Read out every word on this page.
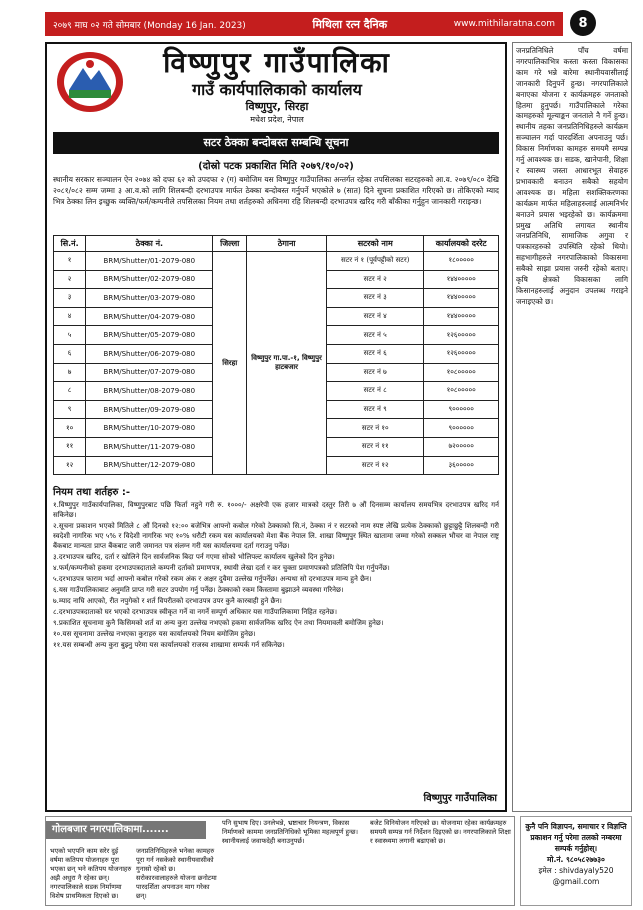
२०७९ माघ ०२ गते सोमबार (Monday 16 Jan. 2023)	मिथिला रत्न दैनिक	www.mithilaratna.com	8
विष्णुपुर गाउँपालिका
गाउँ कार्यपालिकाको कार्यालय
विष्णुपुर, सिरहा
मधेश प्रदेश, नेपाल
सटर ठेक्का बन्दोबस्त सम्बन्धि सूचना
(दोस्रो पटक प्रकाशित मिति २०७९/१०/०२)
स्थानीय सरकार सञ्चालन ऐन २०७४ को दफा ६२ को उपदफा २ (ग) बमोजिम यस विष्णुपुर गाउँपालिका अन्तर्गत रहेका तपसिलका सटरहरुको आ.व. २०७९/०८० देखि २०८१/०८२ सम्म जम्मा ३ आ.व.को लागि शिलबन्दी दरभाउपत्र मार्फत ठेक्का बन्दोबस्त गर्नुपर्ने भएकोले ७ (सात) दिने सूचना प्रकाशित गरिएको छ। तोकिएको म्याद भित्र ठेक्का लिन इच्छुक व्यक्ति/फर्म/कम्पनीले तपसिलका नियम तथा शर्तहरुको अधिनमा रहि शिलबन्दी दरभाउपत्र खरिद गरी बाँकीका गर्नुहुन जानकारी गराइन्छ।
सि.नं.	ठेक्का नं.	जिल्ला	ठेगाना	सटरको नाम	कार्यालयको दररेट
१	BRM/Shutter/01-2079-080	सिरहा	विष्णुपुर गा.पा.-१, विष्णुपुर हाटबजार	सटर नं १ (पूर्वपट्टीको सटर)	१८०००००
२	BRM/Shutter/02-2079-080			सटर नं २	१४४०००००
३	BRM/Shutter/03-2079-080			सटर नं ३	१४४०००००
४	BRM/Shutter/04-2079-080			सटर नं ४	१४४०००००
५	BRM/Shutter/05-2079-080			सटर नं ५	१२६०००००
६	BRM/Shutter/06-2079-080			सटर नं ६	१२६०००००
७	BRM/Shutter/07-2079-080			सटर नं ७	१०८०००००
८	BRM/Shutter/08-2079-080			सटर नं ८	१०८०००००
९	BRM/Shutter/09-2079-080			सटर नं ९	९००००००
१०	BRM/Shutter/10-2079-080			सटर नं १०	९००००००
११	BRM/Shutter/11-2079-080			सटर नं ११	७२०००००
१२	BRM/Shutter/12-2079-080			सटर नं १२	३६०००००
नियम तथा शर्तहरु :-

१.विष्णुपुर गाउँकार्यपालिका, विष्णुपुरबाट पछि फिर्ता नहुने गरी रु. १०००/- अक्षरेपी एक हजार मात्रको दस्तुर तिरी ७ औं दिनसम्म कार्यालय समयभित्र दरभाउपत्र खरिद गर्न सकिनेछ।

२.सूचना प्रकाशन भएको मितिले ८ औं दिनको १२:०० बजेभित्र आफ्नो कबोल गरेको ठेक्काको सि.नं, ठेक्का नं र सटरको नाम स्पष्ट लेखि प्रत्येक ठेक्काको छुट्टाछुट्टै शिलबन्दी गरी स्वदेशी नागरिक भए ५% र विदेशी नागरिक भए १०% धरौटी रकम यस कार्यालयको मेशा बैंक नेपाल लि. शाखा विष्णुपुर स्थित खातामा जम्मा गरेको सक्कल भौचर वा नेपाल राष्ट्र बैंकबाट मान्यता प्राप्त बैंकबाट जारी जमानत पत्र संलग्न गरी यस कार्यालयमा दर्ता गराउनु पर्नेछ।

३.दरभाउपत्र खरिद, दर्ता र खोलिने दिन सार्वजनिक बिदा पर्न गएमा सोको भोलिपल्ट कार्यालय खुलेको दिन हुनेछ।

४.फर्म/कम्पनीको हकमा दरभाउपत्रदाताले कम्पनी दर्ताको प्रमाणपत्र, स्थायी लेखा दर्ता र कर चुक्ता प्रमाणपत्रको प्रतिलिपि पेश गर्नुपर्नेछ।

५.दरभाउपत्र फाराम भर्दा आफ्नो कबोल गरेको रकम अंक र अक्षर दुवैमा उल्लेख गर्नुपर्नेछ। अन्यथा सो दरभाउपत्र मान्य हुने छैन।

६.यस गाउँपालिकाबाट अनुमति प्राप्त गरी सटर उपयोग गर्नु पर्नेछ। ठेक्काको रकम किस्तामा बुझाउने व्यवस्था गरिनेछ।

७.म्याद नाघि आएको, रीत नपुगेको र शर्त विपरीतको दरभाउपत्र उपर कुनै कारबाही हुने छैन।

८.दरभाउपत्रदाताको घर भएको दरभाउपत्र स्वीकृत गर्ने वा नगर्ने सम्पूर्ण अधिकार यस गाउँपालिकामा निहित रहनेछ।

९.प्रकाशित सूचनामा कुनै किसिमको शर्त वा अन्य कुरा उल्लेख नभएको हकमा सार्वजनिक खरिद ऐन तथा नियमावली बमोजिम हुनेछ।

१०.यस सूचनामा उल्लेख नभएका कुराहरु यस कार्यालयको नियम बमोजिम हुनेछ।

११.यस सम्बन्धी अन्य कुरा बुझ्नु परेमा यस कार्यालयको राजस्व शाखामा सम्पर्क गर्न सकिनेछ।

विष्णुपुर गाउँपालिका
जनप्रतिनिधिले पाँच वर्षमा नगरपालिकाभित्र कस्ता कस्ता विकासका काम गरे भन्ने बारेमा स्थानीयवासीलाई जानकारी दिनुपर्ने हुन्छ। नगरपालिकाले बनाएका योजना र कार्यक्रमहरु जनताको हितमा हुनुपर्छ। गाउँपालिकाले गरेका कामहरुको मूल्याङ्कन जनताले नै गर्ने हुन्छ। स्थानीय तहका जनप्रतिनिधिहरुले कार्यक्रम सञ्चालन गर्दा पारदर्शिता अपनाउनु पर्छ। विकास निर्माणका कामहरु समयमै सम्पन्न गर्नु आवश्यक छ। सडक, खानेपानी, शिक्षा र स्वास्थ्य जस्ता आधारभूत सेवाहरु प्रभावकारी बनाउन सबैको सहयोग आवश्यक छ। महिला सशक्तिकरणका कार्यक्रम मार्फत महिलाहरुलाई आत्मनिर्भर बनाउने प्रयास भइरहेको छ। कार्यक्रममा प्रमुख अतिथि लगायत स्थानीय जनप्रतिनिधि, सामाजिक अगुवा र पत्रकारहरुको उपस्थिति रहेको थियो। सहभागीहरुले नगरपालिकाको विकासमा सबैको साझा प्रयास जरुरी रहेको बताए। कृषि क्षेत्रको विकासका लागि किसानहरुलाई अनुदान उपलब्ध गराइने जनाइएको छ।
गोलबजार नगरपालिकामा.......
भएको भएपनि काम सरेर दुई वर्षमा कतिपय योजनाहरु पूरा भएका छन् भने कतिपय योजनाहरु अझै अधुरा नै रहेका छन्। नगरपालिकाले सडक निर्माणमा विशेष प्राथमिकता दिएको छ।
जनप्रतिनिधिहरुले भनेका कामहरु पूरा गर्न नसकेको स्थानीयवासीको गुनासो रहेको छ। सरोकारवालाहरुले योजना छनोटमा पारदर्शिता अपनाउन माग गरेका छन्।
पनि सुभाष दिए। उनलेभन्ने, भ्रष्टाचार नियन्त्रण, विकास निर्माणको काममा जनप्रतिनिधिको भूमिका महत्वपूर्ण हुन्छ। स्थानीयलाई जवाफदेही बनाउनुपर्छ।
बजेट विनियोजन गरिएको छ। योजनामा रहेका कार्यक्रमहरु समयमै सम्पन्न गर्न निर्देशन दिइएको छ। नगरपालिकाले शिक्षा र स्वास्थ्यमा लगानी बढाएको छ।
कुनै पनि विज्ञापन, समाचार र विज्ञप्ति प्रकाशन गर्नु परेमा तलको नम्बरमा सम्पर्क गर्नुहोस्।
मो.नं. ९८०५८२७७३०
इमेल : shivdayaly520 @gmail.com
